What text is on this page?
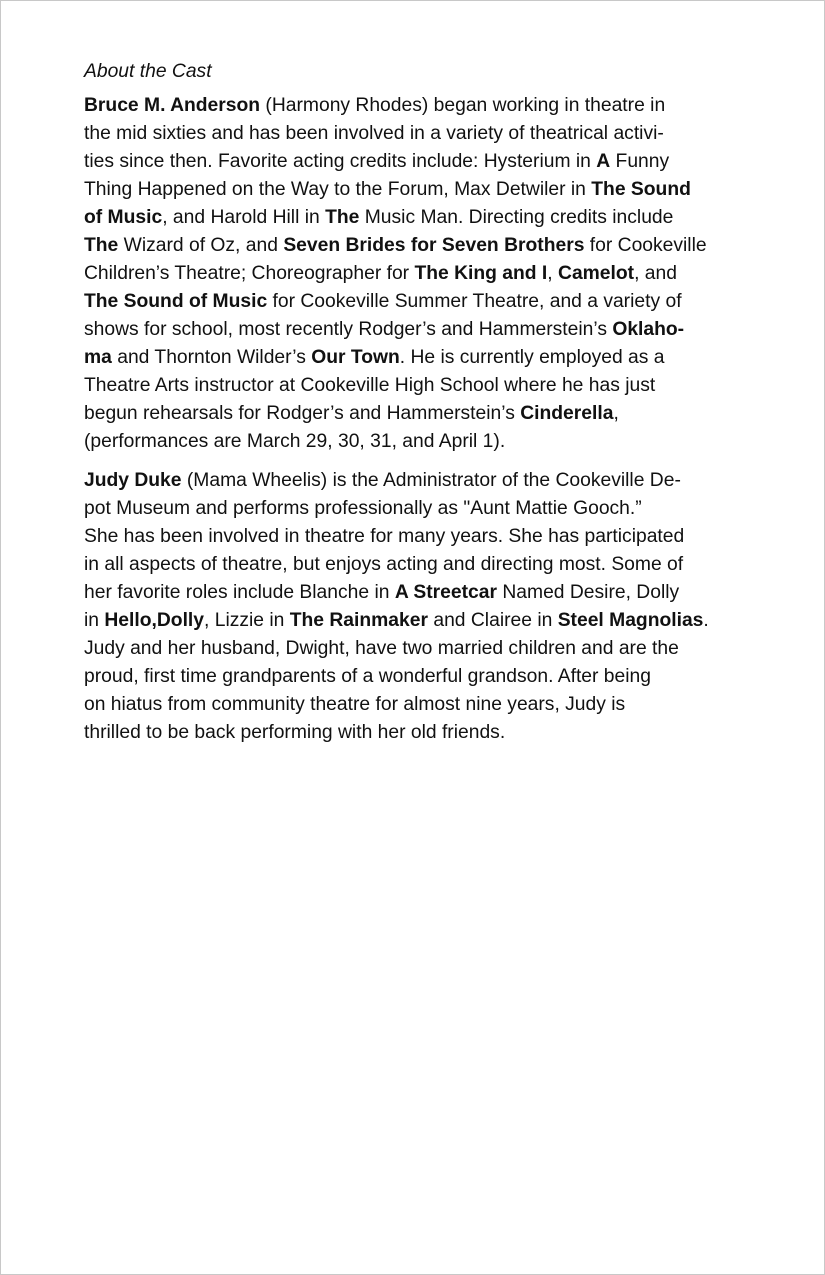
About the Cast

Bruce M. Anderson (Harmony Rhodes) began working in theatre in
the mid sixties and has been involved in a variety of theatrical activi-
ties since then. Favorite acting credits include: Hysterium in A Funny
Thing Happened on the Way to the Forum, Max Detwiler in The Sound
of Music, and Harold Hill in The Music Man. Directing credits include
The Wizard of Oz, and Seven Brides for Seven Brothers for Cookeville
Children’s Theatre; Choreographer for The King and I, Camelot, and
The Sound of Music for Cookeville Summer Theatre, and a variety of
shows for school, most recently Rodger’s and Hammerstein’s Oklaho-
ma and Thornton Wilder’s Our Town. He is currently employed as a
Theatre Arts instructor at Cookeville High School where he has just
begun rehearsals for Rodger’s and Hammerstein’s Cinderella,
(performances are March 29, 30, 31, and April 1).

Judy Duke (Mama Wheelis) is the Administrator of the Cookeville De-
pot Museum and performs professionally as "Aunt Mattie Gooch.”
She has been involved in theatre for many years. She has participated
in all aspects of theatre, but enjoys acting and directing most. Some of
her favorite roles include Blanche in A Streetcar Named Desire, Dolly
in Hello,Dolly, Lizzie in The Rainmaker and Clairee in Steel Magnolias.
Judy and her husband, Dwight, have two married children and are the
proud, first time grandparents of a wonderful grandson. After being
on hiatus from community theatre for almost nine years, Judy is
thrilled to be back performing with her old friends.
